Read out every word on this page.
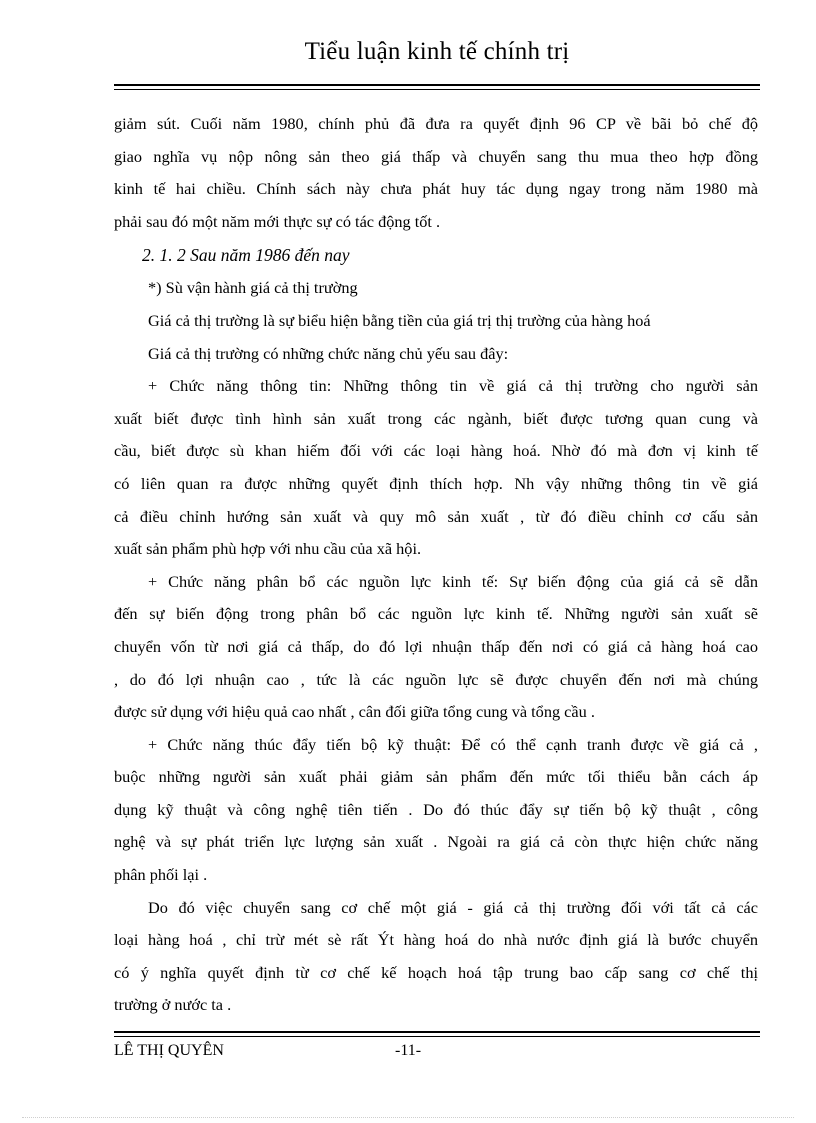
Tiểu luận kinh tế chính trị
giảm sút. Cuối năm 1980, chính phủ đã đưa ra quyết định 96 CP về bãi bỏ chế độ
giao nghĩa vụ nộp nông sản theo giá thấp và chuyển sang thu mua theo hợp đồng
kinh tế hai chiều. Chính sách này chưa phát huy tác dụng ngay trong năm 1980 mà
phải sau đó một năm mới thực sự có tác động tốt .
2. 1. 2 Sau năm 1986 đến nay
*) Sù vận hành giá cả thị trường
Giá cả thị trường là sự biểu hiện bằng tiền của giá trị thị trường của hàng hoá
Giá cả thị trường có những chức năng chủ yếu sau đây:
+ Chức năng thông tin: Những thông tin về giá cả thị trường cho người sản
xuất biết được tình hình sản xuất trong các ngành, biết được tương quan cung và
cầu, biết được sù khan hiếm đối với các loại hàng hoá. Nhờ đó mà đơn vị kinh tế
có liên quan ra được những quyết định thích hợp. Nh vậy những thông tin về giá
cả điều chỉnh hướng sản xuất và quy mô sản xuất , từ đó điều chỉnh cơ cấu sản
xuất sản phẩm phù hợp với nhu cầu của xã hội.
+ Chức năng phân bổ các nguồn lực kinh tế: Sự biến động của giá cả sẽ dẫn
đến sự biến động trong phân bổ các nguồn lực kinh tế. Những người sản xuất sẽ
chuyển vốn từ nơi giá cả thấp, do đó lợi nhuận thấp đến nơi có giá cả hàng hoá cao
, do đó lợi nhuận cao , tức là các nguồn lực sẽ được chuyển đến nơi mà chúng
được sử dụng với hiệu quả cao nhất , cân đối giữa tổng cung và tổng cầu .
+ Chức năng thúc đẩy tiến bộ kỹ thuật: Để có thể cạnh tranh được về giá cả ,
buộc những người sản xuất phải giảm sản phẩm đến mức tối thiểu bằn cách áp
dụng kỹ thuật và công nghệ tiên tiến . Do đó thúc đẩy sự tiến bộ kỹ thuật , công
nghệ và sự phát triển lực lượng sản xuất . Ngoài ra giá cả còn thực hiện chức năng
phân phối lại .
Do đó việc chuyển sang cơ chế một giá - giá cả thị trường đối với tất cả các
loại hàng hoá , chỉ trừ mét sè rất Ýt hàng hoá do nhà nước định giá là bước chuyển
có ý nghĩa quyết định từ cơ chế kế hoạch hoá tập trung bao cấp sang cơ chế thị
trường ở nước ta .
LÊ THỊ QUYÊN	-11-
